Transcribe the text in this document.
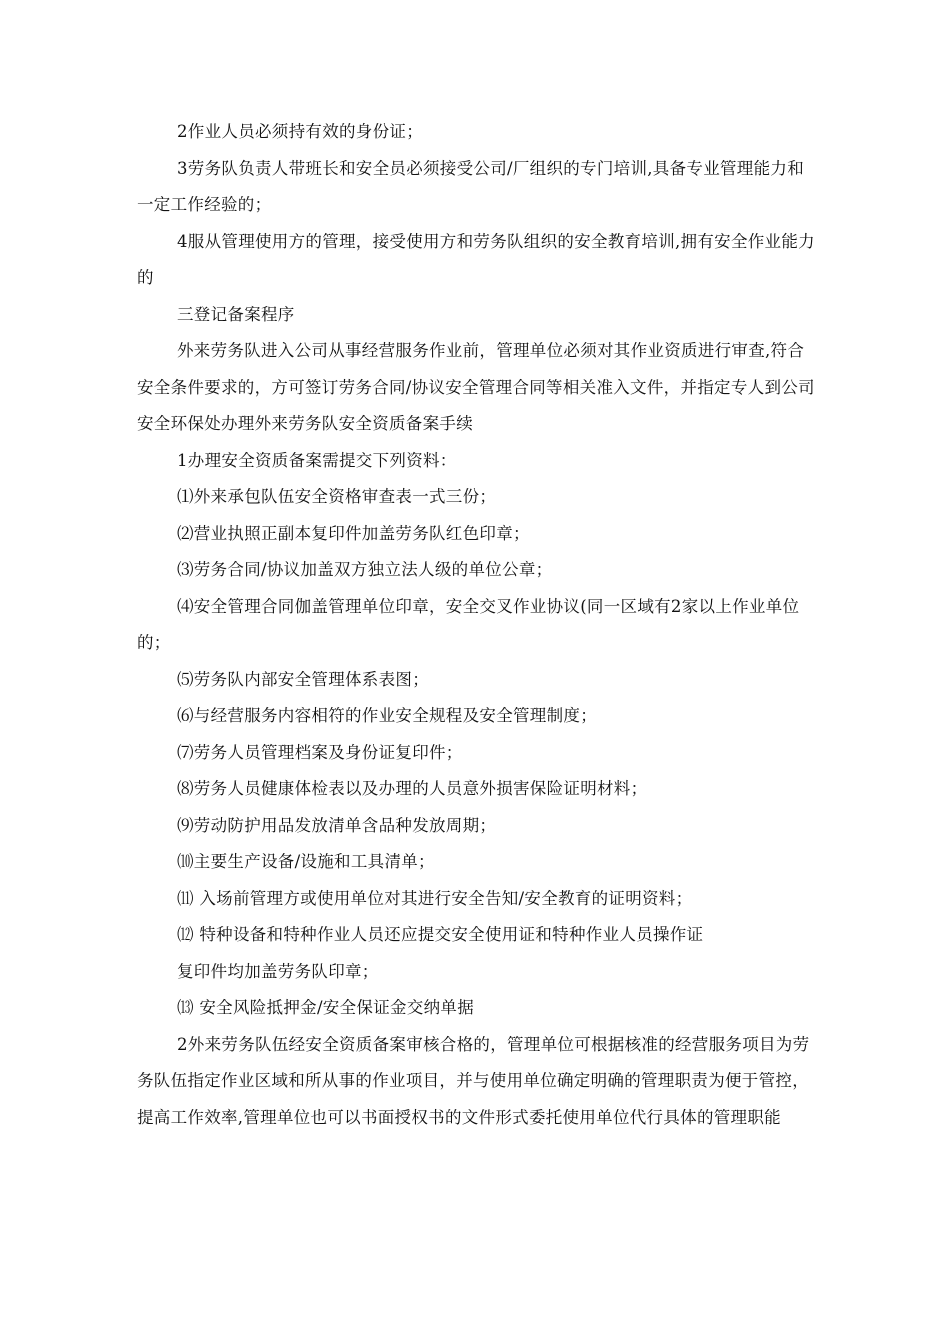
2作业人员必须持有效的身份证；

3劳务队负责人带班长和安全员必须接受公司/厂组织的专门培训,具备专业管理能力和一定工作经验的；

4服从管理使用方的管理，接受使用方和劳务队组织的安全教育培训,拥有安全作业能力的

三登记备案程序

外来劳务队进入公司从事经营服务作业前，管理单位必须对其作业资质进行审查,符合安全条件要求的，方可签订劳务合同/协议安全管理合同等相关准入文件，并指定专人到公司安全环保处办理外来劳务队安全资质备案手续

1办理安全资质备案需提交下列资料：

⑴外来承包队伍安全资格审查表一式三份；

⑵营业执照正副本复印件加盖劳务队红色印章；

⑶劳务合同/协议加盖双方独立法人级的单位公章；

⑷安全管理合同伽盖管理单位印章，安全交叉作业协议(同一区域有2家以上作业单位的；

⑸劳务队内部安全管理体系表图；

⑹与经营服务内容相符的作业安全规程及安全管理制度；

⑺劳务人员管理档案及身份证复印件；

⑻劳务人员健康体检表以及办理的人员意外损害保险证明材料；

⑼劳动防护用品发放清单含品种发放周期；

⑽主要生产设备/设施和工具清单；

⑾ 入场前管理方或使用单位对其进行安全告知/安全教育的证明资料；

⑿ 特种设备和特种作业人员还应提交安全使用证和特种作业人员操作证

复印件均加盖劳务队印章；

⒀ 安全风险抵押金/安全保证金交纳单据

2外来劳务队伍经安全资质备案审核合格的，管理单位可根据核准的经营服务项目为劳务队伍指定作业区域和所从事的作业项目，并与使用单位确定明确的管理职责为便于管控，提高工作效率,管理单位也可以书面授权书的文件形式委托使用单位代行具体的管理职能
